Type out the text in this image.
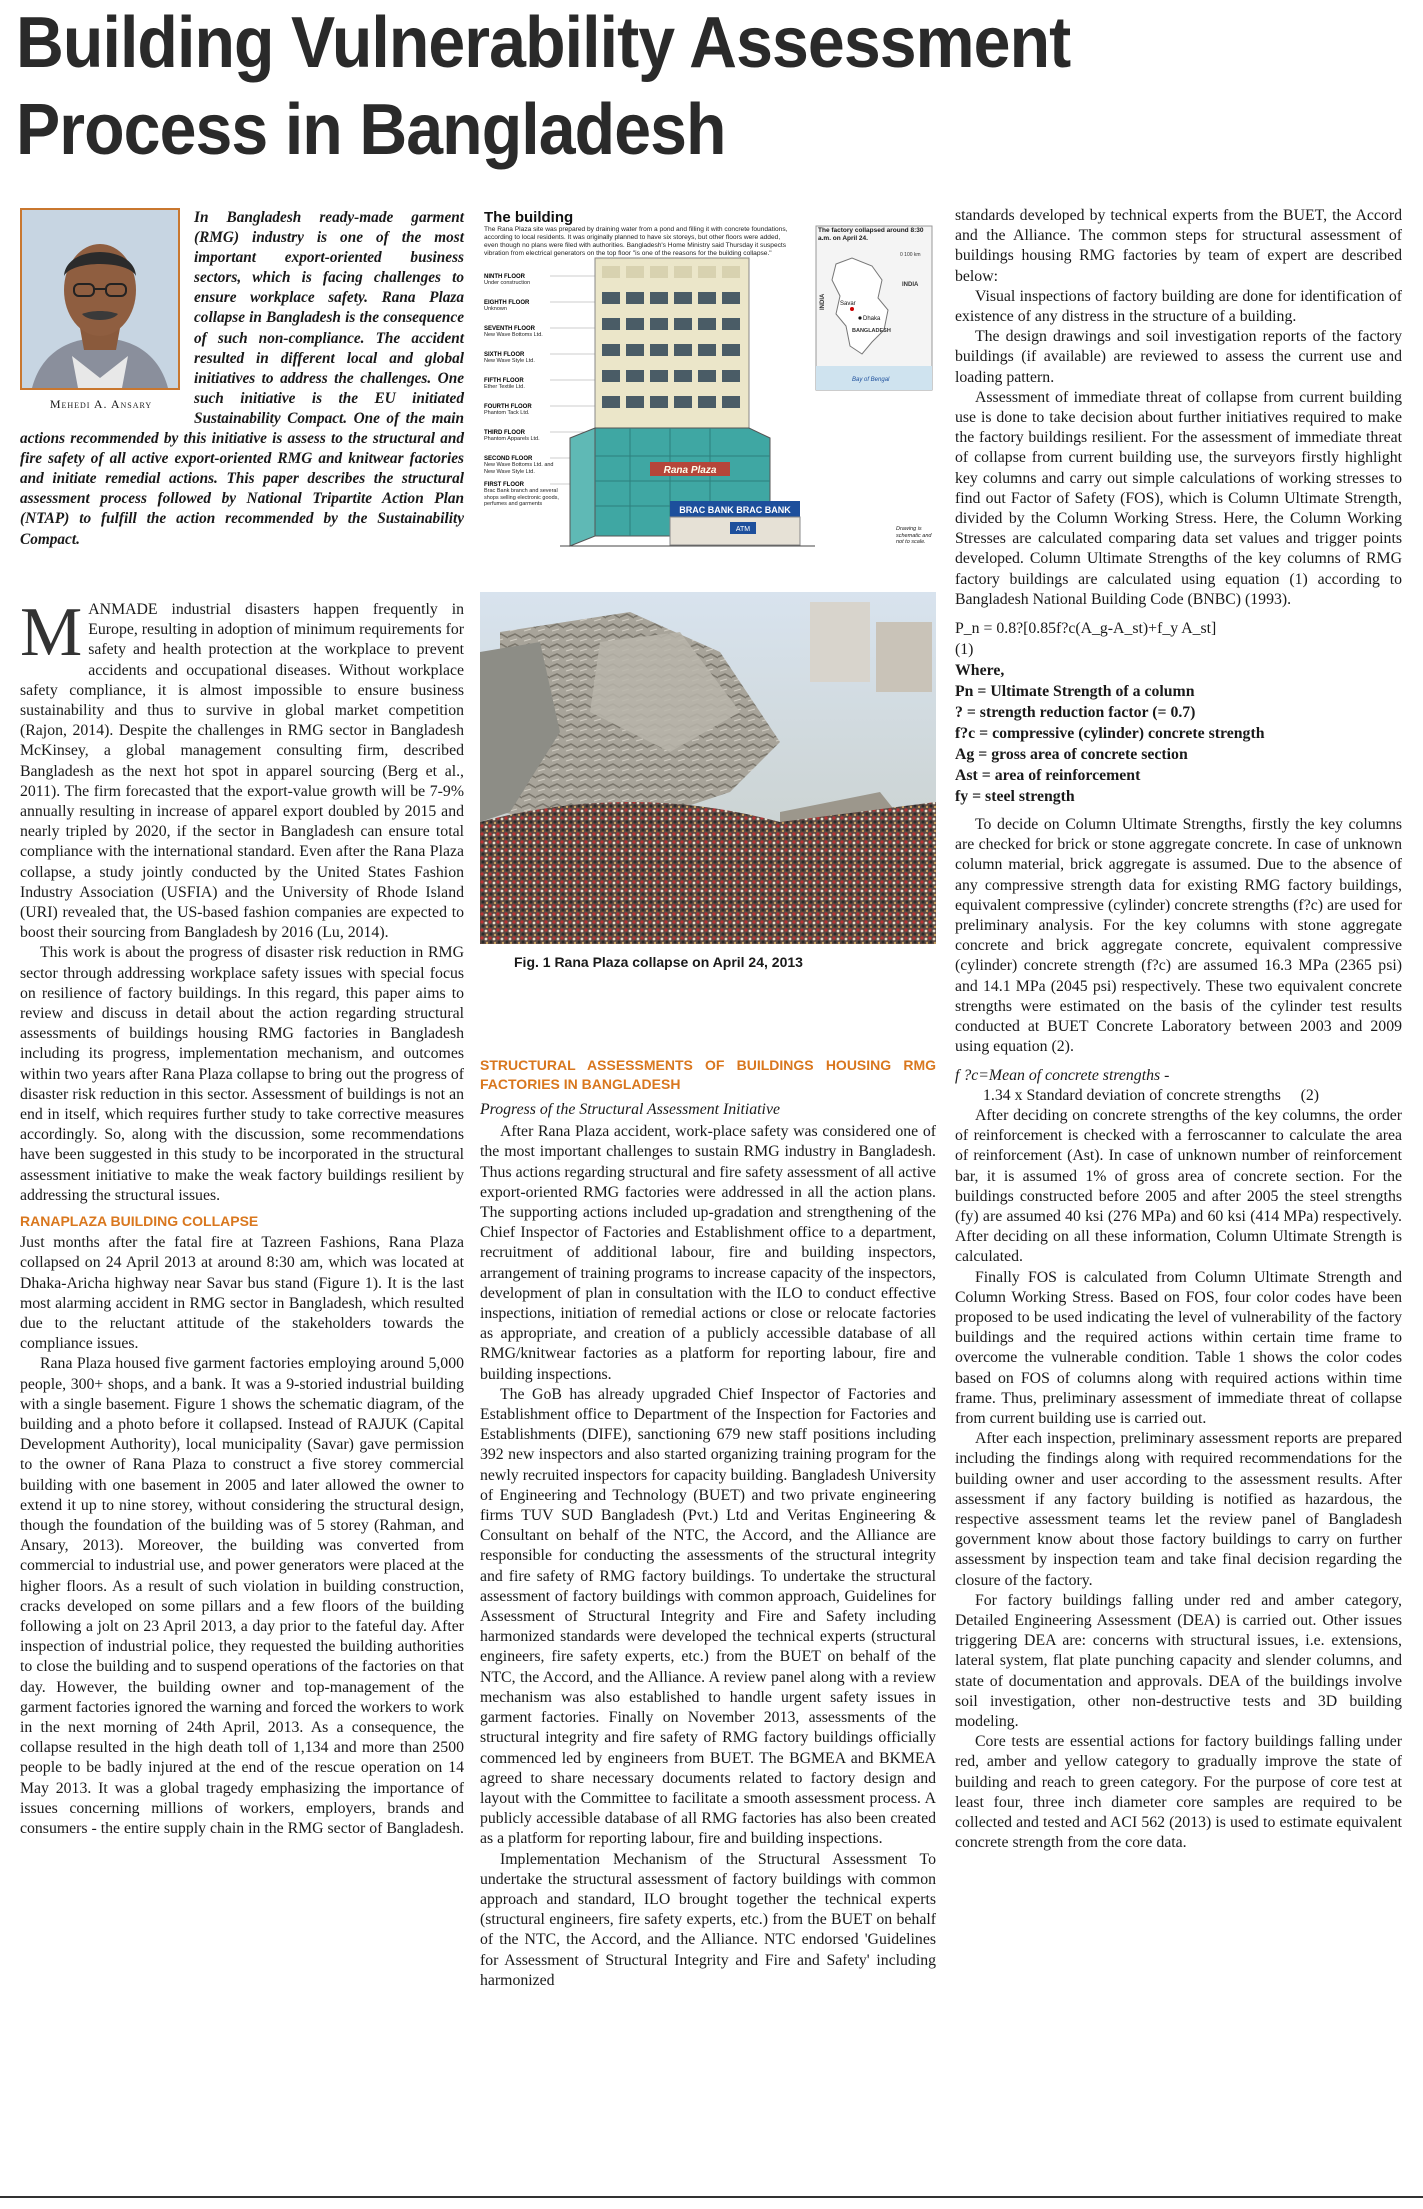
Building Vulnerability Assessment
Process in Bangladesh
Mehedi A. Ansary
In Bangladesh ready-made garment (RMG) industry is one of the most important export-oriented business sectors, which is facing challenges to ensure workplace safety. Rana Plaza collapse in Bangladesh is the consequence of such non-compliance. The accident resulted in different local and global initiatives to address the challenges. One such initiative is the EU initiated Sustainability Compact. One of the main actions recommended by this initiative is assess to the structural and fire safety of all active export-oriented RMG and knitwear factories and initiate remedial actions. This paper describes the structural assessment process followed by National Tripartite Action Plan (NTAP) to fulfill the action recommended by the Sustainability Compact.
The building
The Rana Plaza site was prepared by draining water from a pond and filling it with concrete foundations, according to local residents. It was originally planned to have six storeys, but other floors were added, even though no plans were filed with authorities. Bangladesh's Home Ministry said Thursday it suspects vibration from electrical generators on the top floor "is one of the reasons for the building collapse."
NINTH FLOOR
Under construction
EIGHTH FLOOR
Unknown
SEVENTH FLOOR
New Wave Bottoms Ltd.
SIXTH FLOOR
New Wave Style Ltd.
FIFTH FLOOR
Ether Textile Ltd.
FOURTH FLOOR
Phantom Tack Ltd.
THIRD FLOOR
Phantom Apparels Ltd.
SECOND FLOOR
New Wave Bottoms Ltd. and New Wave Style Ltd.
FIRST FLOOR
Brac Bank branch and several shops selling electronic goods, perfumes and garments
Rana Plaza
BRAC BANK BRAC BANK
ATM
The factory collapsed around 8:30 a.m. on April 24.
INDIA
INDIA
Savar
Dhaka
BANGLADESH
Bay of Bengal
0 100 km
Drawing is schematic and not to scale.
Fig. 1 Rana Plaza collapse on April 24, 2013

MANMADE industrial disasters happen frequently in Europe, resulting in adoption of minimum requirements for safety and health protection at the workplace to prevent accidents and occupational diseases. Without workplace safety compliance, it is almost impossible to ensure business sustainability and thus to survive in global market competition (Rajon, 2014). Despite the challenges in RMG sector in Bangladesh McKinsey, a global management consulting firm, described Bangladesh as the next hot spot in apparel sourcing (Berg et al., 2011). The firm forecasted that the export-value growth will be 7-9% annually resulting in increase of apparel export doubled by 2015 and nearly tripled by 2020, if the sector in Bangladesh can ensure total compliance with the international standard. Even after the Rana Plaza collapse, a study jointly conducted by the United States Fashion Industry Association (USFIA) and the University of Rhode Island (URI) revealed that, the US-based fashion companies are expected to boost their sourcing from Bangladesh by 2016 (Lu, 2014).

This work is about the progress of disaster risk reduction in RMG sector through addressing workplace safety issues with special focus on resilience of factory buildings. In this regard, this paper aims to review and discuss in detail about the action regarding structural assessments of buildings housing RMG factories in Bangladesh including its progress, implementation mechanism, and outcomes within two years after Rana Plaza collapse to bring out the progress of disaster risk reduction in this sector. Assessment of buildings is not an end in itself, which requires further study to take corrective measures accordingly. So, along with the discussion, some recommendations have been suggested in this study to be incorporated in the structural assessment initiative to make the weak factory buildings resilient by addressing the structural issues.

RANAPLAZA BUILDING COLLAPSE

Just months after the fatal fire at Tazreen Fashions, Rana Plaza collapsed on 24 April 2013 at around 8:30 am, which was located at Dhaka-Aricha highway near Savar bus stand (Figure 1). It is the last most alarming accident in RMG sector in Bangladesh, which resulted due to the reluctant attitude of the stakeholders towards the compliance issues.

Rana Plaza housed five garment factories employing around 5,000 people, 300+ shops, and a bank. It was a 9-storied industrial building with a single basement. Figure 1 shows the schematic diagram, of the building and a photo before it collapsed. Instead of RAJUK (Capital Development Authority), local municipality (Savar) gave permission to the owner of Rana Plaza to construct a five storey commercial building with one basement in 2005 and later allowed the owner to extend it up to nine storey, without considering the structural design, though the foundation of the building was of 5 storey (Rahman, and Ansary, 2013). Moreover, the building was converted from commercial to industrial use, and power generators were placed at the higher floors. As a result of such violation in building construction, cracks developed on some pillars and a few floors of the building following a jolt on 23 April 2013, a day prior to the fateful day. After inspection of industrial police, they requested the building authorities to close the building and to suspend operations of the factories on that day. However, the building owner and top-management of the garment factories ignored the warning and forced the workers to work in the next morning of 24th April, 2013. As a consequence, the collapse resulted in the high death toll of 1,134 and more than 2500 people to be badly injured at the end of the rescue operation on 14 May 2013. It was a global tragedy emphasizing the importance of issues concerning millions of workers, employers, brands and consumers - the entire supply chain in the RMG sector of Bangladesh.

STRUCTURAL ASSESSMENTS OF BUILDINGS HOUSING RMG FACTORIES IN BANGLADESH
Progress of the Structural Assessment Initiative

After Rana Plaza accident, work-place safety was considered one of the most important challenges to sustain RMG industry in Bangladesh. Thus actions regarding structural and fire safety assessment of all active export-oriented RMG factories were addressed in all the action plans. The supporting actions included up-gradation and strengthening of the Chief Inspector of Factories and Establishment office to a department, recruitment of additional labour, fire and building inspectors, arrangement of training programs to increase capacity of the inspectors, development of plan in consultation with the ILO to conduct effective inspections, initiation of remedial actions or close or relocate factories as appropriate, and creation of a publicly accessible database of all RMG/knitwear factories as a platform for reporting labour, fire and building inspections.

The GoB has already upgraded Chief Inspector of Factories and Establishment office to Department of the Inspection for Factories and Establishments (DIFE), sanctioning 679 new staff positions including 392 new inspectors and also started organizing training program for the newly recruited inspectors for capacity building. Bangladesh University of Engineering and Technology (BUET) and two private engineering firms TUV SUD Bangladesh (Pvt.) Ltd and Veritas Engineering & Consultant on behalf of the NTC, the Accord, and the Alliance are responsible for conducting the assessments of the structural integrity and fire safety of RMG factory buildings. To undertake the structural assessment of factory buildings with common approach, Guidelines for Assessment of Structural Integrity and Fire and Safety including harmonized standards were developed the technical experts (structural engineers, fire safety experts, etc.) from the BUET on behalf of the NTC, the Accord, and the Alliance. A review panel along with a review mechanism was also established to handle urgent safety issues in garment factories. Finally on November 2013, assessments of the structural integrity and fire safety of RMG factory buildings officially commenced led by engineers from BUET. The BGMEA and BKMEA agreed to share necessary documents related to factory design and layout with the Committee to facilitate a smooth assessment process. A publicly accessible database of all RMG factories has also been created as a platform for reporting labour, fire and building inspections.

Implementation Mechanism of the Structural Assessment To undertake the structural assessment of factory buildings with common approach and standard, ILO brought together the technical experts (structural engineers, fire safety experts, etc.) from the BUET on behalf of the NTC, the Accord, and the Alliance. NTC endorsed 'Guidelines for Assessment of Structural Integrity and Fire and Safety' including harmonized

standards developed by technical experts from the BUET, the Accord and the Alliance. The common steps for structural assessment of buildings housing RMG factories by team of expert are described below:

Visual inspections of factory building are done for identification of existence of any distress in the structure of a building.

The design drawings and soil investigation reports of the factory buildings (if available) are reviewed to assess the current use and loading pattern.

Assessment of immediate threat of collapse from current building use is done to take decision about further initiatives required to make the factory buildings resilient. For the assessment of immediate threat of collapse from current building use, the surveyors firstly highlight key columns and carry out simple calculations of working stresses to find out Factor of Safety (FOS), which is Column Ultimate Strength, divided by the Column Working Stress. Here, the Column Working Stresses are calculated comparing data set values and trigger points developed. Column Ultimate Strengths of the key columns of RMG factory buildings are calculated using equation (1) according to Bangladesh National Building Code (BNBC) (1993).

P_n = 0.8?[0.85f?c(A_g-A_st)+f_y A_st]
(1)
Where,
Pn = Ultimate Strength of a column
? = strength reduction factor (= 0.7)
f?c = compressive (cylinder) concrete strength
Ag = gross area of concrete section
Ast = area of reinforcement
fy = steel strength

To decide on Column Ultimate Strengths, firstly the key columns are checked for brick or stone aggregate concrete. In case of unknown column material, brick aggregate is assumed. Due to the absence of any compressive strength data for existing RMG factory buildings, equivalent compressive (cylinder) concrete strengths (f?c) are used for preliminary analysis. For the key columns with stone aggregate concrete and brick aggregate concrete, equivalent compressive (cylinder) concrete strength (f?c) are assumed 16.3 MPa (2365 psi) and 14.1 MPa (2045 psi) respectively. These two equivalent concrete strengths were estimated on the basis of the cylinder test results conducted at BUET Concrete Laboratory between 2003 and 2009 using equation (2).

f ?c=Mean of concrete strengths -
1.34 x Standard deviation of concrete strengths     (2)

After deciding on concrete strengths of the key columns, the order of reinforcement is checked with a ferroscanner to calculate the area of reinforcement (Ast). In case of unknown number of reinforcement bar, it is assumed 1% of gross area of concrete section. For the buildings constructed before 2005 and after 2005 the steel strengths (fy) are assumed 40 ksi (276 MPa) and 60 ksi (414 MPa) respectively. After deciding on all these information, Column Ultimate Strength is calculated.

Finally FOS is calculated from Column Ultimate Strength and Column Working Stress. Based on FOS, four color codes have been proposed to be used indicating the level of vulnerability of the factory buildings and the required actions within certain time frame to overcome the vulnerable condition. Table 1 shows the color codes based on FOS of columns along with required actions within time frame. Thus, preliminary assessment of immediate threat of collapse from current building use is carried out.

After each inspection, preliminary assessment reports are prepared including the findings along with required recommendations for the building owner and user according to the assessment results. After assessment if any factory building is notified as hazardous, the respective assessment teams let the review panel of Bangladesh government know about those factory buildings to carry on further assessment by inspection team and take final decision regarding the closure of the factory.

For factory buildings falling under red and amber category, Detailed Engineering Assessment (DEA) is carried out. Other issues triggering DEA are: concerns with structural issues, i.e. extensions, lateral system, flat plate punching capacity and slender columns, and state of documentation and approvals. DEA of the buildings involve soil investigation, other non-destructive tests and 3D building modeling.

Core tests are essential actions for factory buildings falling under red, amber and yellow category to gradually improve the state of building and reach to green category. For the purpose of core test at least four, three inch diameter core samples are required to be collected and tested and ACI 562 (2013) is used to estimate equivalent concrete strength from the core data.
